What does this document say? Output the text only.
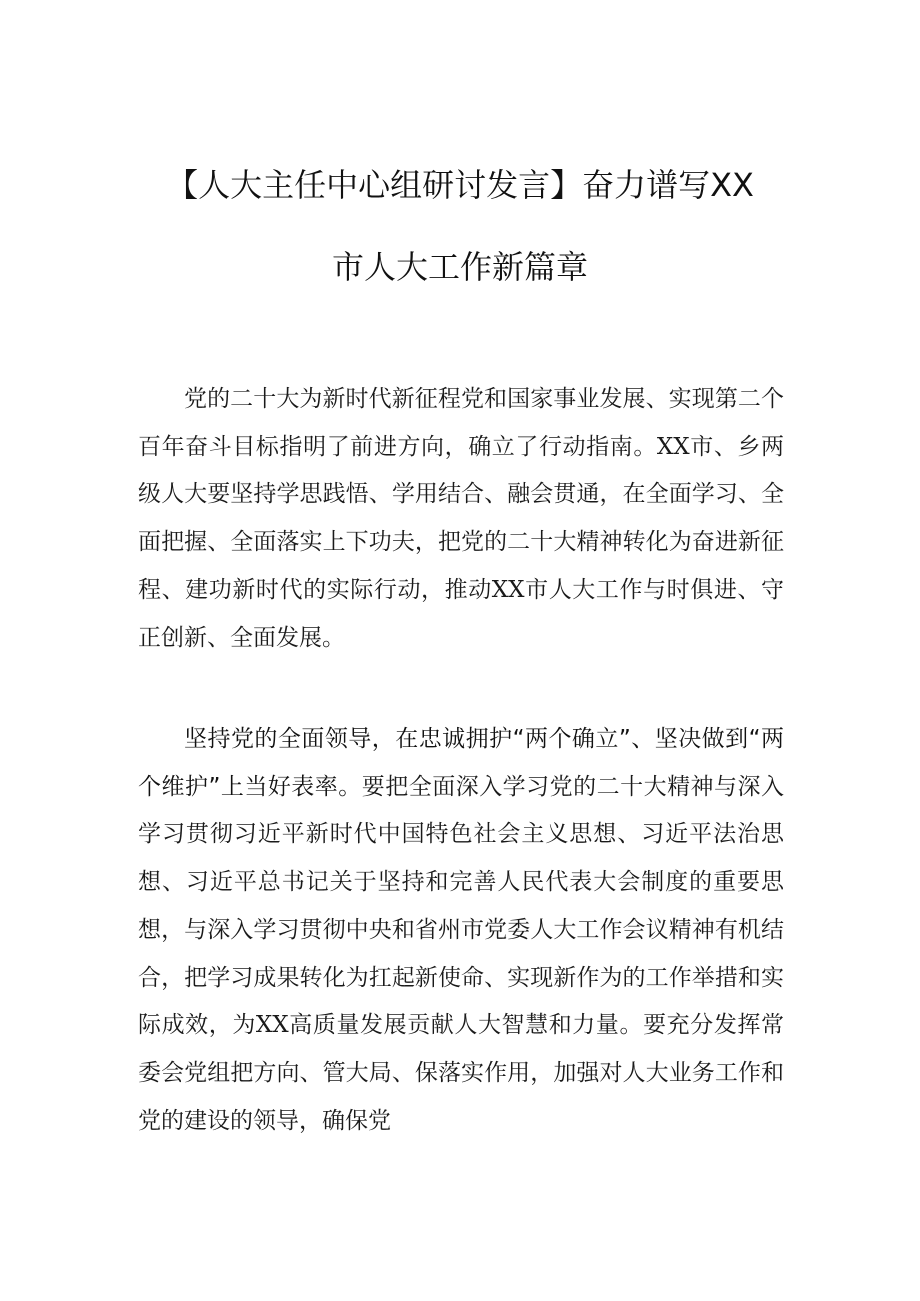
【人大主任中心组研讨发言】奋力谱写XX
市人大工作新篇章

党的二十大为新时代新征程党和国家事业发展、实现第二个百年奋斗目标指明了前进方向，确立了行动指南。XX市、乡两级人大要坚持学思践悟、学用结合、融会贯通，在全面学习、全面把握、全面落实上下功夫，把党的二十大精神转化为奋进新征程、建功新时代的实际行动，推动XX市人大工作与时俱进、守正创新、全面发展。

坚持党的全面领导，在忠诚拥护“两个确立”、坚决做到“两个维护”上当好表率。要把全面深入学习党的二十大精神与深入学习贯彻习近平新时代中国特色社会主义思想、习近平法治思想、习近平总书记关于坚持和完善人民代表大会制度的重要思想，与深入学习贯彻中央和省州市党委人大工作会议精神有机结合，把学习成果转化为扛起新使命、实现新作为的工作举措和实际成效，为XX高质量发展贡献人大智慧和力量。要充分发挥常委会党组把方向、管大局、保落实作用，加强对人大业务工作和党的建设的领导，确保党
